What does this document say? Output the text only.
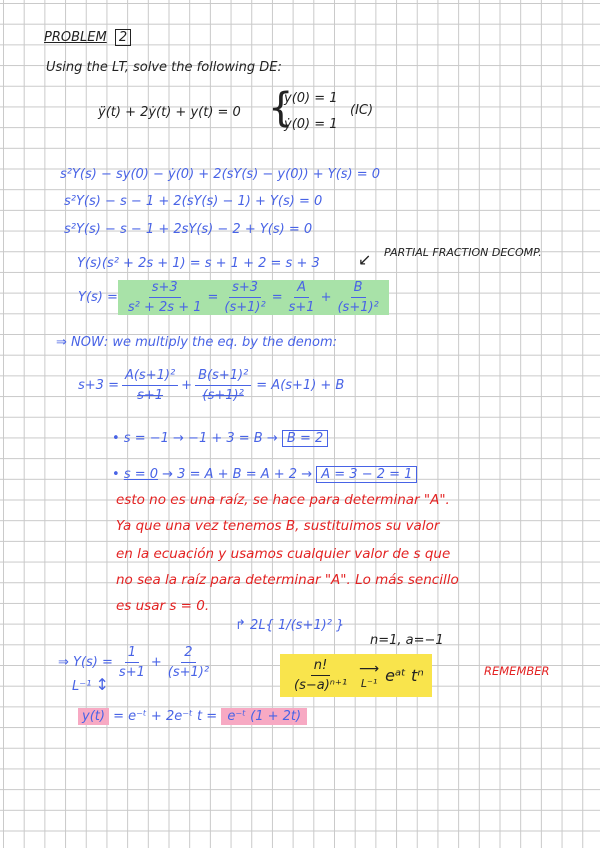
PROBLEM 2
Using the LT, solve the following DE:
ÿ(t) + 2ẏ(t) + y(t) = 0 {
y(0) = 1
ẏ(0) = 1
(IC)
s²Y(s) − sy(0) − ẏ(0) + 2(sY(s) − y(0)) + Y(s) = 0
s²Y(s) − s − 1 + 2(sY(s) − 1) + Y(s) = 0
s²Y(s) − s − 1 + 2sY(s) − 2 + Y(s) = 0
Y(s)(s² + 2s + 1) = s + 1 + 2 = s + 3 ↙ PARTIAL FRACTION DECOMP.
$Y(s) = \frac{s+3}{\text{s² + 2s + 1}} = \frac{s+3}{\text{(s+1)²}} = \frac{A}{s+1} + \frac{B}{\text{(s+1)²}}$
⇒ NOW: we multiply the eq. by the denom:
$s+3 = \frac{\text{A(s+1)²}}{s+1} + \frac{\text{B(s+1)²}}{\text{(s+1)²}} = A(s+1) + B$
• s = −1 → −1 + 3 = B → B = 2
• s = 0 → 3 = A + B = A + 2 → A = 3 − 2 = 1
esto no es una raíz, se hace para determinar "A".
Ya que una vez tenemos B, sustituimos su valor
en la ecuación y usamos cualquier valor de s que
no sea la raíz para determinar "A". Lo más sencillo
es usar s = 0.
↱ 2L{ 1/(s+1)² }
n=1, a=−1
⇒ $Y(s) = \frac{1}{s+1} + \frac{2}{\text{(s+1)²}}$	$\frac{n!}{\text{(s−a)ⁿ⁺¹}}$ ⟶
L⁻¹ eᵃᵗ tⁿ	REMEMBER
L⁻¹ ↕
y(t) = e⁻ᵗ + 2e⁻ᵗ t = e⁻ᵗ (1 + 2t)
